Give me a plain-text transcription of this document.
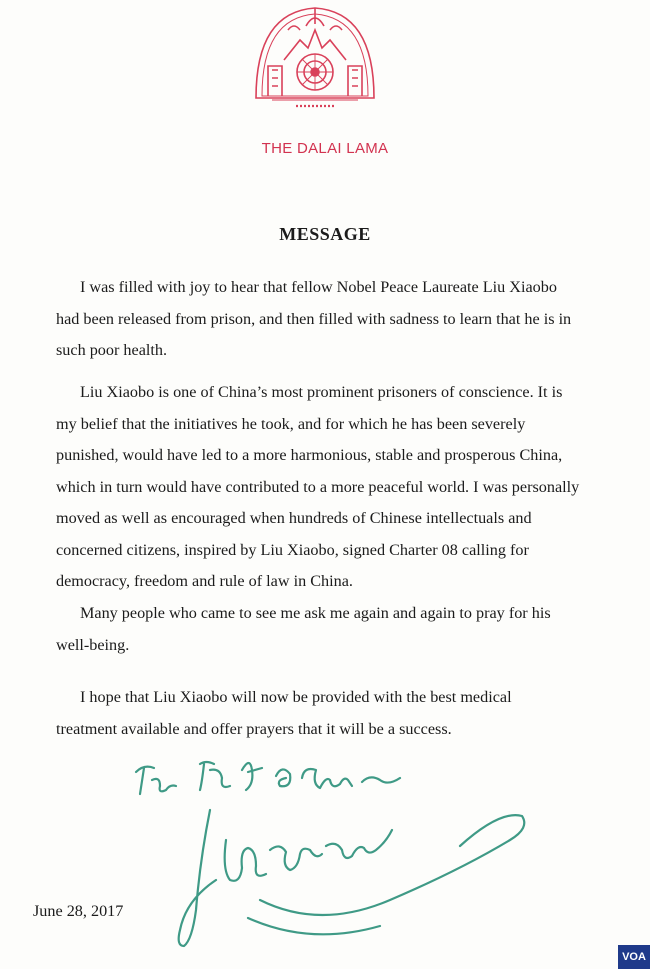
THE DALAI LAMA
MESSAGE

I was filled with joy to hear that fellow Nobel Peace Laureate Liu Xiaobo
had been released from prison, and then filled with sadness to learn that he is in
such poor health.

Liu Xiaobo is one of China’s most prominent prisoners of conscience. It is
my belief that the initiatives he took, and for which he has been severely
punished, would have led to a more harmonious, stable and prosperous China,
which in turn would have contributed to a more peaceful world. I was personally
moved as well as encouraged when hundreds of Chinese intellectuals and
concerned citizens, inspired by Liu Xiaobo, signed Charter 08 calling for
democracy, freedom and rule of law in China.

Many people who came to see me ask me again and again to pray for his
well-being.

I hope that Liu Xiaobo will now be provided with the best medical
treatment available and offer prayers that it will be a success.

June 28, 2017
VOA
